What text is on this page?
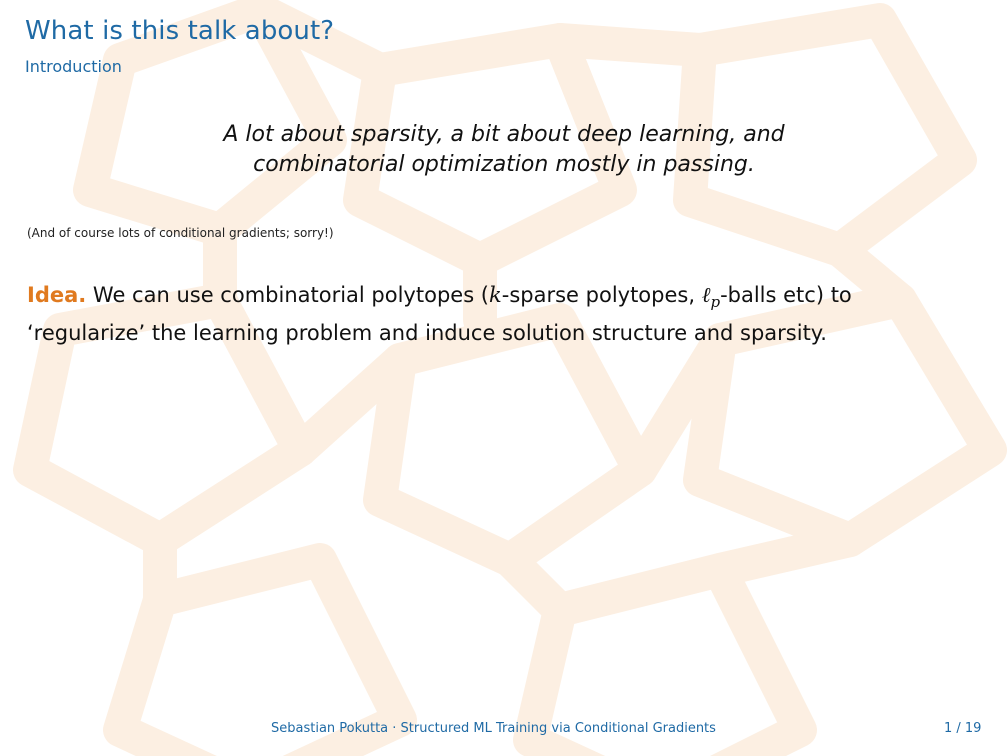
What is this talk about?
Introduction
A lot about sparsity, a bit about deep learning, and
combinatorial optimization mostly in passing.
(And of course lots of conditional gradients; sorry!)
Idea. We can use combinatorial polytopes (k-sparse polytopes, ℓ$_p$-balls etc) to
‘regularize’ the learning problem and induce solution structure and sparsity.
Sebastian Pokutta · Structured ML Training via Conditional Gradients	1 / 19
